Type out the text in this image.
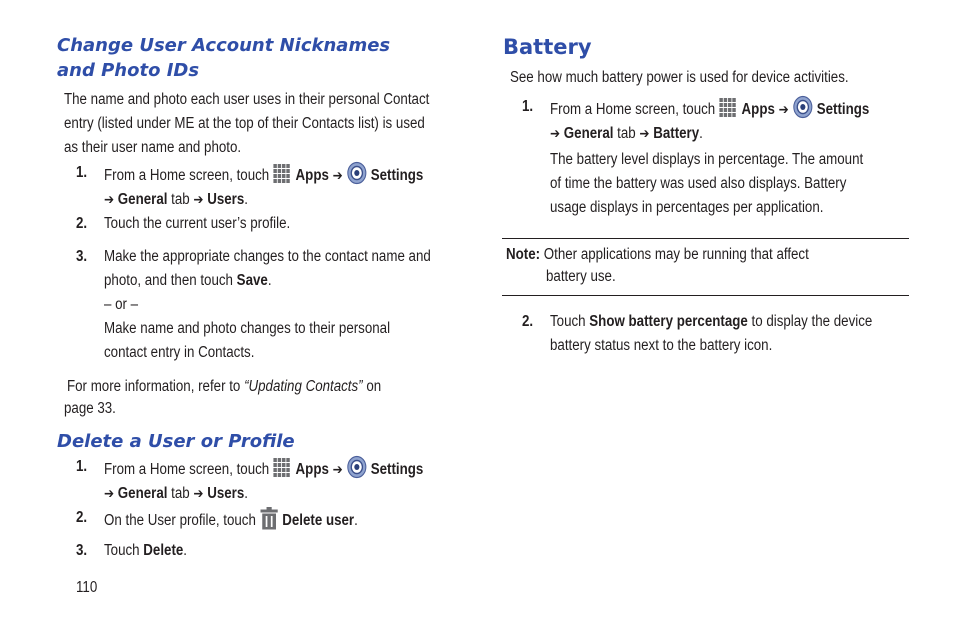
Change User Account Nicknames
and Photo IDs
The name and photo each user uses in their personal Contact
entry (listed under ME at the top of their Contacts list) is used
as their user name and photo.
1. From a Home screen, touch Apps ➔ Settings
➔ General tab ➔ Users.
2. Touch the current user’s profile.
3. Make the appropriate changes to the contact name and
photo, and then touch Save.
– or –
Make name and photo changes to their personal
contact entry in Contacts.
For more information, refer to “Updating Contacts” on
page 33.
Delete a User or Profile
1. From a Home screen, touch Apps ➔ Settings
➔ General tab ➔ Users.
2. On the User profile, touch Delete user.
3. Touch Delete.
110
Battery
See how much battery power is used for device activities.
1. From a Home screen, touch Apps ➔ Settings
➔ General tab ➔ Battery.
The battery level displays in percentage. The amount
of time the battery was used also displays. Battery
usage displays in percentages per application.
Note: Other applications may be running that affect
battery use.
2. Touch Show battery percentage to display the device
battery status next to the battery icon.
